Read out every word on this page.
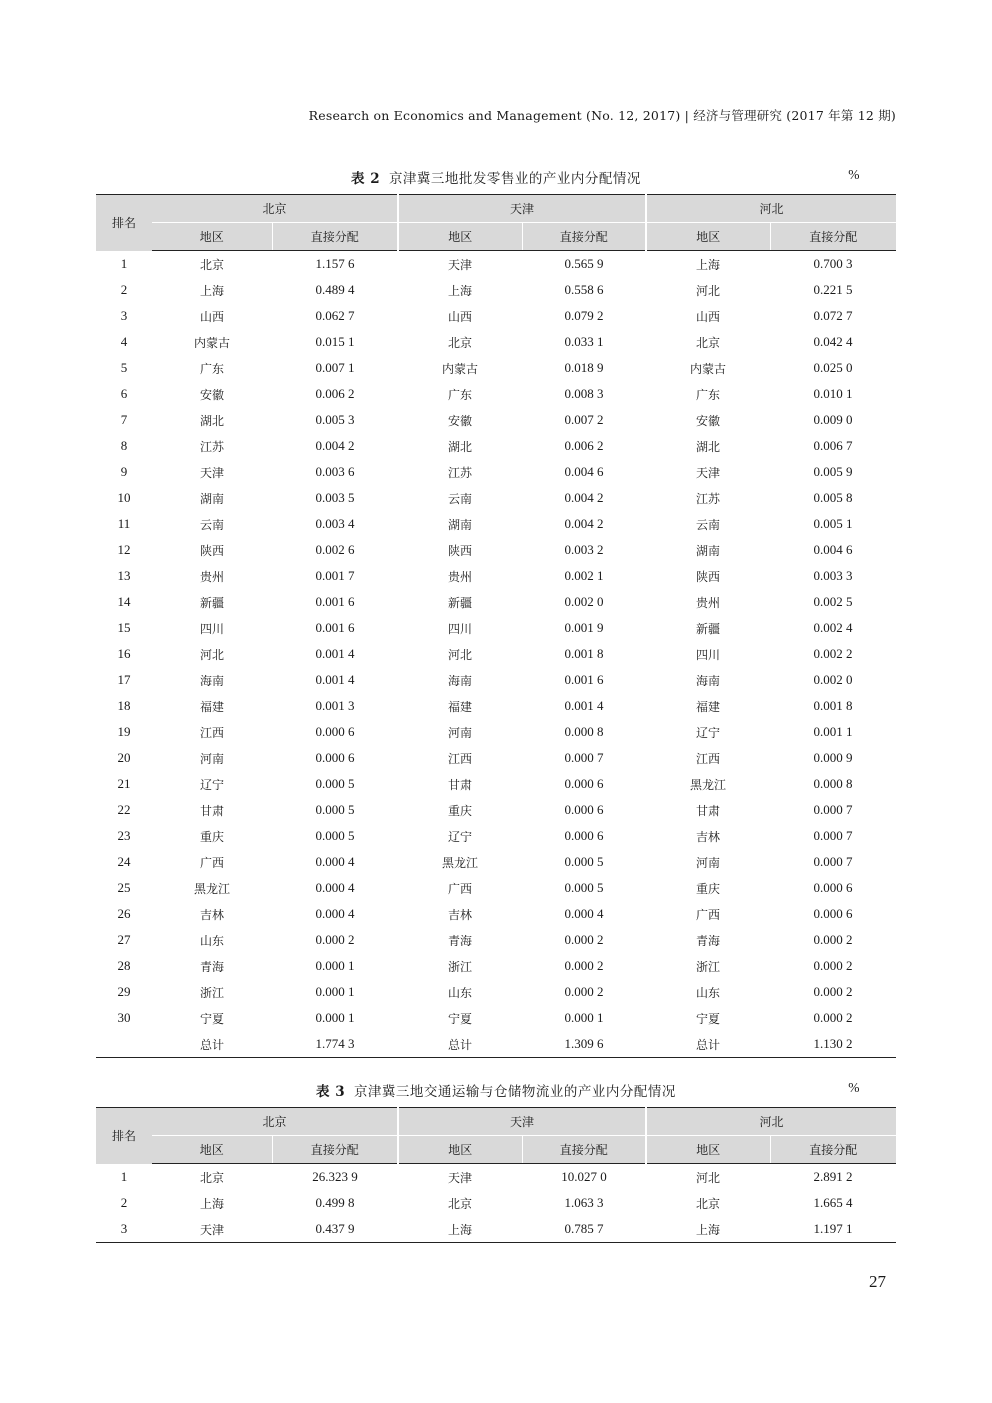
Research on Economics and Management (No. 12, 2017) | 经济与管理研究 (2017 年第 12 期)
表 2 京津冀三地批发零售业的产业内分配情况	%
排名	北京		天津		河北	
	地区	直接分配	地区	直接分配	地区	直接分配
1	北京	1.157 6	天津	0.565 9	上海	0.700 3
2	上海	0.489 4	上海	0.558 6	河北	0.221 5
3	山西	0.062 7	山西	0.079 2	山西	0.072 7
4	内蒙古	0.015 1	北京	0.033 1	北京	0.042 4
5	广东	0.007 1	内蒙古	0.018 9	内蒙古	0.025 0
6	安徽	0.006 2	广东	0.008 3	广东	0.010 1
7	湖北	0.005 3	安徽	0.007 2	安徽	0.009 0
8	江苏	0.004 2	湖北	0.006 2	湖北	0.006 7
9	天津	0.003 6	江苏	0.004 6	天津	0.005 9
10	湖南	0.003 5	云南	0.004 2	江苏	0.005 8
11	云南	0.003 4	湖南	0.004 2	云南	0.005 1
12	陕西	0.002 6	陕西	0.003 2	湖南	0.004 6
13	贵州	0.001 7	贵州	0.002 1	陕西	0.003 3
14	新疆	0.001 6	新疆	0.002 0	贵州	0.002 5
15	四川	0.001 6	四川	0.001 9	新疆	0.002 4
16	河北	0.001 4	河北	0.001 8	四川	0.002 2
17	海南	0.001 4	海南	0.001 6	海南	0.002 0
18	福建	0.001 3	福建	0.001 4	福建	0.001 8
19	江西	0.000 6	河南	0.000 8	辽宁	0.001 1
20	河南	0.000 6	江西	0.000 7	江西	0.000 9
21	辽宁	0.000 5	甘肃	0.000 6	黑龙江	0.000 8
22	甘肃	0.000 5	重庆	0.000 6	甘肃	0.000 7
23	重庆	0.000 5	辽宁	0.000 6	吉林	0.000 7
24	广西	0.000 4	黑龙江	0.000 5	河南	0.000 7
25	黑龙江	0.000 4	广西	0.000 5	重庆	0.000 6
26	吉林	0.000 4	吉林	0.000 4	广西	0.000 6
27	山东	0.000 2	青海	0.000 2	青海	0.000 2
28	青海	0.000 1	浙江	0.000 2	浙江	0.000 2
29	浙江	0.000 1	山东	0.000 2	山东	0.000 2
30	宁夏	0.000 1	宁夏	0.000 1	宁夏	0.000 2
	总计	1.774 3	总计	1.309 6	总计	1.130 2
表 3 京津冀三地交通运输与仓储物流业的产业内分配情况	%
排名	北京		天津		河北	
	地区	直接分配	地区	直接分配	地区	直接分配
1	北京	26.323 9	天津	10.027 0	河北	2.891 2
2	上海	0.499 8	北京	1.063 3	北京	1.665 4
3	天津	0.437 9	上海	0.785 7	上海	1.197 1
27
